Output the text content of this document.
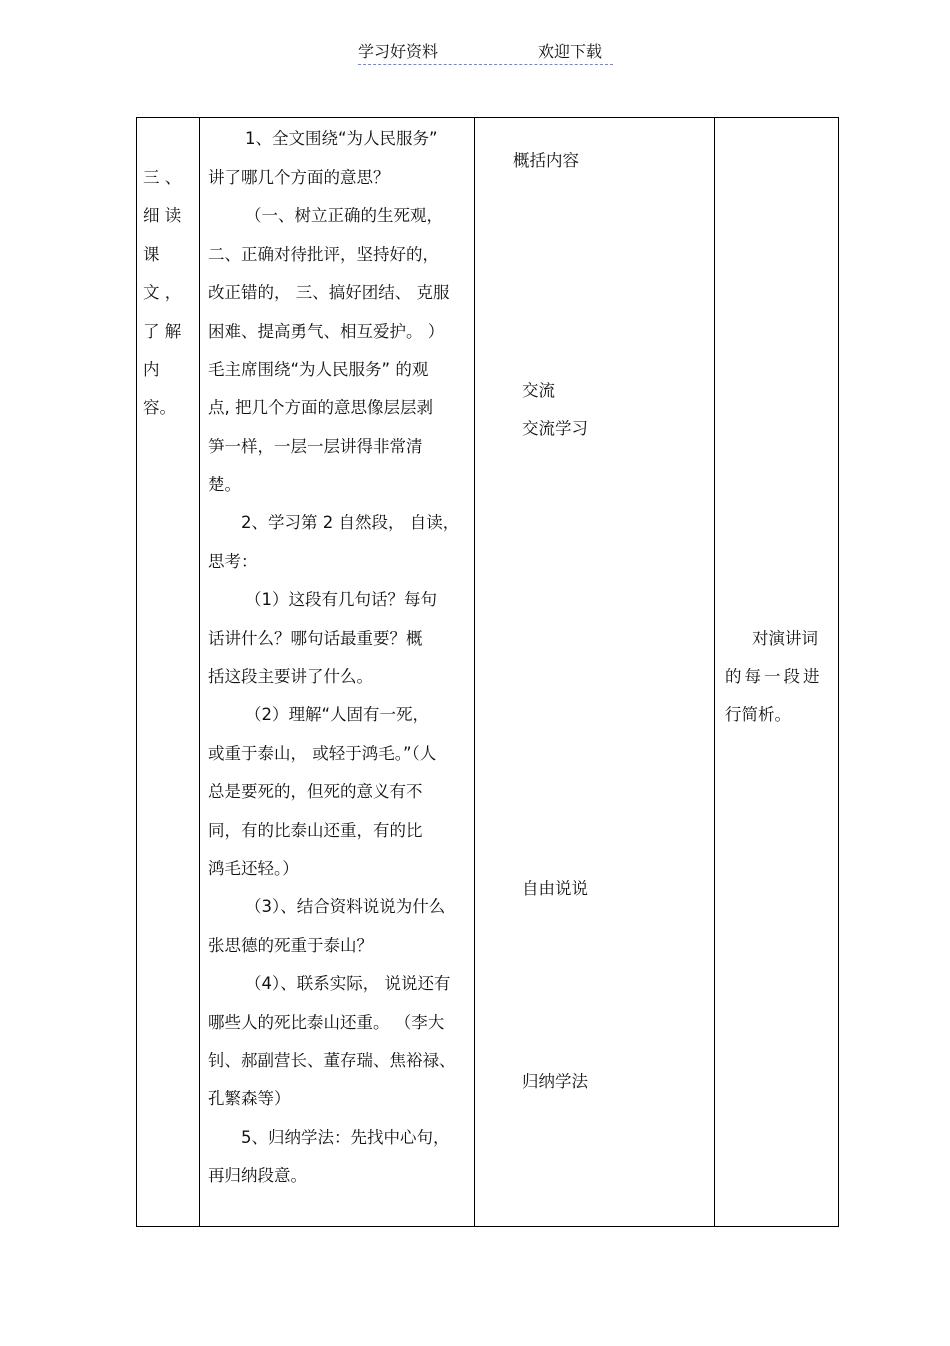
学习好资料	欢迎下载
三 、
细 读
课
文 ，
了 解
内
容。
1、全文围绕“为人民服务”
讲了哪几个方面的意思？
（一、树立正确的生死观，
二、正确对待批评，坚持好的，
改正错的， 三、搞好团结、 克服
困难、提高勇气、相互爱护。 ）
毛主席围绕“为人民服务” 的观
点, 把几个方面的意思像层层剥
笋一样，一层一层讲得非常清
楚。
2、学习第 2 自然段， 自读，
思考：
（1）这段有几句话？每句
话讲什么？哪句话最重要？概
括这段主要讲了什么。
（2）理解“人固有一死，
或重于泰山， 或轻于鸿毛。”（人
总是要死的，但死的意义有不
同，有的比泰山还重，有的比
鸿毛还轻。）
（3）、结合资料说说为什么
张思德的死重于泰山？
（4）、联系实际， 说说还有
哪些人的死比泰山还重。 （李大
钊、郝副营长、董存瑞、焦裕禄、
孔繁森等）
5、归纳学法：先找中心句，
再归纳段意。
概括内容
交流
交流学习
自由说说
归纳学法
对演讲词
的每一段进
行简析。
